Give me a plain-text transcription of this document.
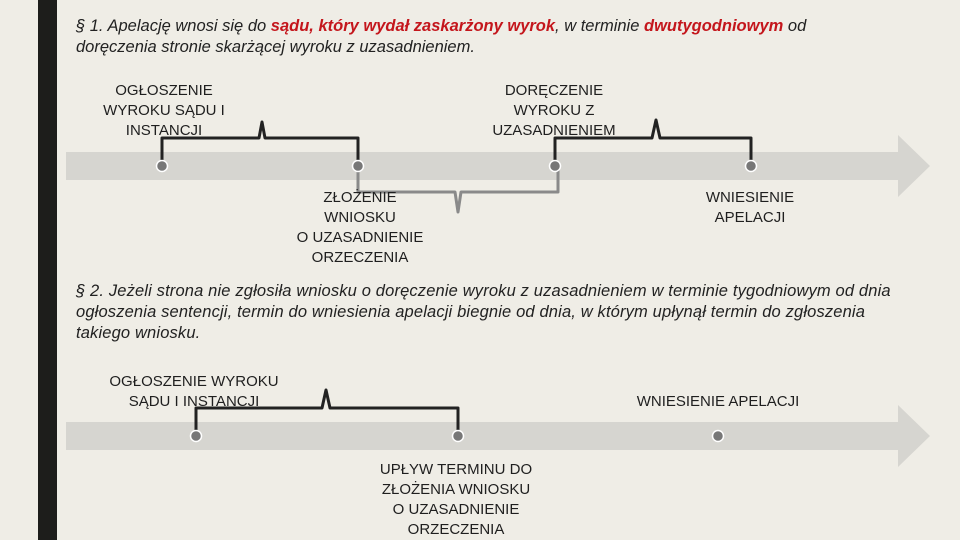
§ 1. Apelację wnosi się do sądu, który wydał zaskarżony wyrok, w terminie dwutygodniowym od doręczenia stronie skarżącej wyroku z uzasadnieniem.
OGŁOSZENIE
WYROKU SĄDU I
INSTANCJI
DORĘCZENIE
WYROKU Z
UZASADNIENIEM
ZŁOŻENIE
WNIOSKU
O UZASADNIENIE
ORZECZENIA
WNIESIENIE
APELACJI
§ 2. Jeżeli strona nie zgłosiła wniosku o doręczenie wyroku z uzasadnieniem w terminie tygodniowym od dnia ogłoszenia sentencji, termin do wniesienia apelacji biegnie od dnia, w którym upłynął termin do zgłoszenia takiego wniosku.
OGŁOSZENIE WYROKU
SĄDU I INSTANCJI	WNIESIENIE APELACJI
UPŁYW TERMINU DO
ZŁOŻENIA WNIOSKU
O UZASADNIENIE
ORZECZENIA
